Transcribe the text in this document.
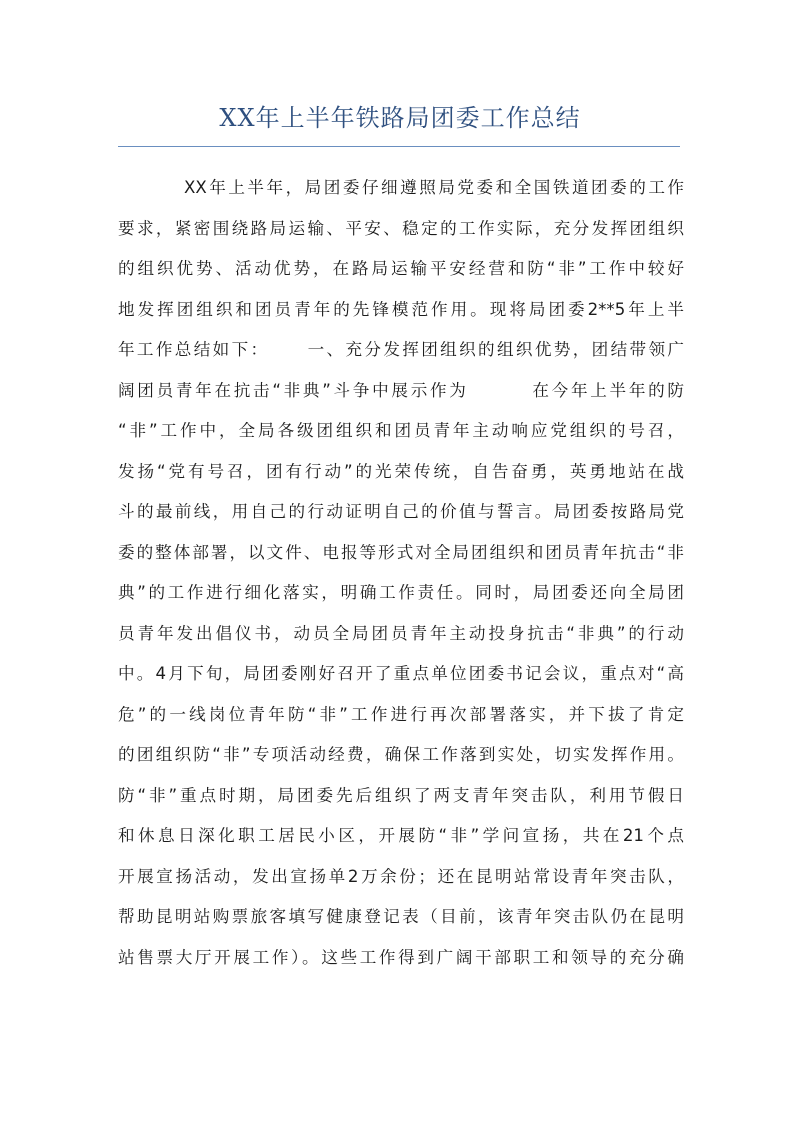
XX年上半年铁路局团委工作总结
XX年上半年，局团委仔细遵照局党委和全国铁道团委的工作
要求，紧密围绕路局运输、平安、稳定的工作实际，充分发挥团组织
的组织优势、活动优势，在路局运输平安经营和防“非”工作中较好
地发挥团组织和团员青年的先锋模范作用。现将局团委2**5年上半
年工作总结如下：     一、充分发挥团组织的组织优势，团结带领广
阔团员青年在抗击“非典”斗争中展示作为        在今年上半年的防
“非”工作中，全局各级团组织和团员青年主动响应党组织的号召，
发扬“党有号召，团有行动”的光荣传统，自告奋勇，英勇地站在战
斗的最前线，用自己的行动证明自己的价值与誓言。局团委按路局党
委的整体部署，以文件、电报等形式对全局团组织和团员青年抗击“非
典”的工作进行细化落实，明确工作责任。同时，局团委还向全局团
员青年发出倡仪书，动员全局团员青年主动投身抗击“非典”的行动
中。4月下旬，局团委刚好召开了重点单位团委书记会议，重点对“高
危”的一线岗位青年防“非”工作进行再次部署落实，并下拔了肯定
的团组织防“非”专项活动经费，确保工作落到实处，切实发挥作用。
防“非”重点时期，局团委先后组织了两支青年突击队，利用节假日
和休息日深化职工居民小区，开展防“非”学问宣扬，共在21个点
开展宣扬活动，发出宣扬单2万余份；还在昆明站常设青年突击队，
帮助昆明站购票旅客填写健康登记表（目前，该青年突击队仍在昆明
站售票大厅开展工作）。这些工作得到广阔干部职工和领导的充分确
